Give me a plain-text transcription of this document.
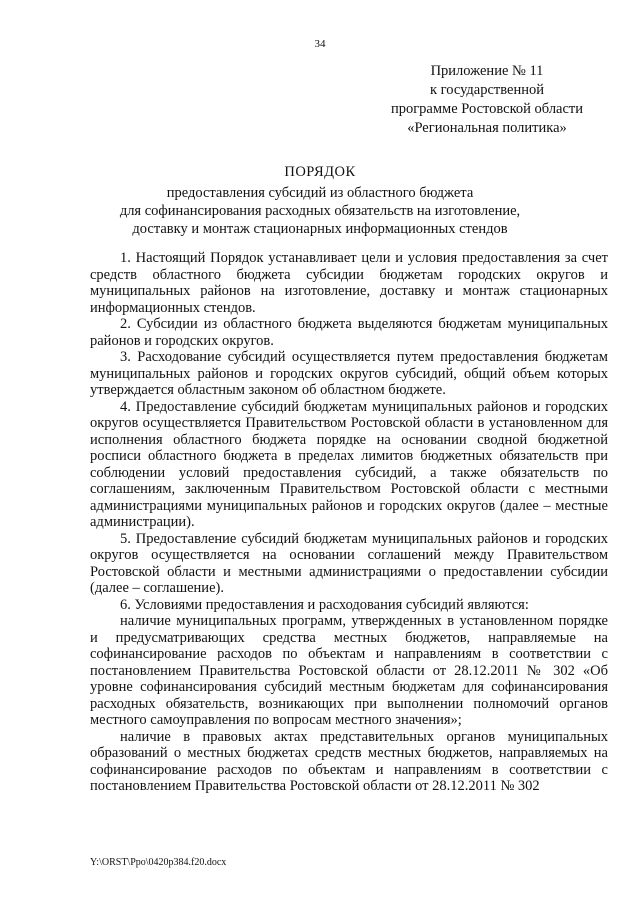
34
Приложение № 11
к государственной
программе Ростовской области
«Региональная политика»
ПОРЯДОК
предоставления субсидий из областного бюджета
для софинансирования расходных обязательств на изготовление,
доставку и монтаж стационарных информационных стендов

1. Настоящий Порядок устанавливает цели и условия предоставления за счет средств областного бюджета субсидии бюджетам городских округов и муниципальных районов на изготовление, доставку и монтаж стационарных информационных стендов.

2. Субсидии из областного бюджета выделяются бюджетам муниципальных районов и городских округов.

3. Расходование субсидий осуществляется путем предоставления бюджетам муниципальных районов и городских округов субсидий, общий объем которых утверждается областным законом об областном бюджете.

4. Предоставление субсидий бюджетам муниципальных районов и городских округов осуществляется Правительством Ростовской области в установленном для исполнения областного бюджета порядке на основании сводной бюджетной росписи областного бюджета в пределах лимитов бюджетных обязательств при соблюдении условий предоставления субсидий, а также обязательств по соглашениям, заключенным Правительством Ростовской области с местными администрациями муниципальных районов и городских округов (далее – местные администрации).

5. Предоставление субсидий бюджетам муниципальных районов и городских округов осуществляется на основании соглашений между Правительством Ростовской области и местными администрациями о предоставлении субсидии (далее – соглашение).

6. Условиями предоставления и расходования субсидий являются:

наличие муниципальных программ, утвержденных в установленном порядке и предусматривающих средства местных бюджетов, направляемые на софинансирование расходов по объектам и направлениям в соответствии с постановлением Правительства Ростовской области от 28.12.2011 № 302 «Об уровне софинансирования субсидий местным бюджетам для софинансирования расходных обязательств, возникающих при выполнении полномочий органов местного самоуправления по вопросам местного значения»;

наличие в правовых актах представительных органов муниципальных образований о местных бюджетах средств местных бюджетов, направляемых на софинансирование расходов по объектам и направлениям в соответствии с постановлением Правительства Ростовской области от 28.12.2011 № 302

Y:\ORST\Ppo\0420p384.f20.docx
